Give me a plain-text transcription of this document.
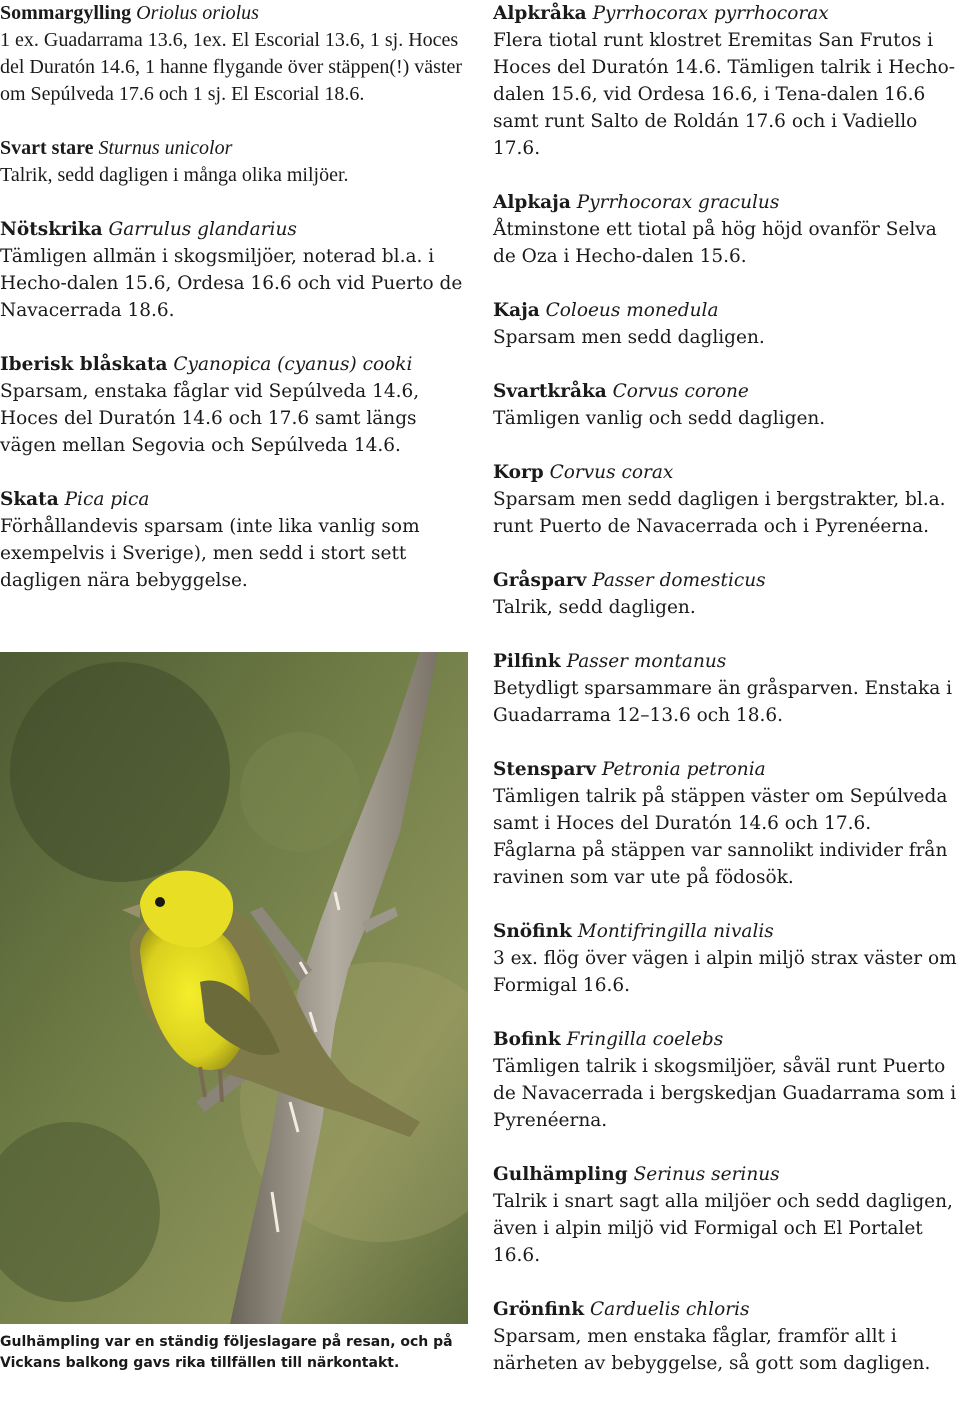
Sommargylling Oriolus oriolus
1 ex. Guadarrama 13.6, 1ex. El Escorial 13.6, 1 sj. Hoces del Duratón 14.6, 1 hanne flygande över stäppen(!) väster om Sepúlveda 17.6 och 1 sj. El Escorial 18.6.
Svart stare Sturnus unicolor
Talrik, sedd dagligen i många olika miljöer.
Nötskrika Garrulus glandarius
Tämligen allmän i skogsmiljöer, noterad bl.a. i Hecho-dalen 15.6, Ordesa 16.6 och vid Puerto de Navacerrada 18.6.
Iberisk blåskata Cyanopica (cyanus) cooki
Sparsam, enstaka fåglar vid Sepúlveda 14.6, Hoces del Duratón 14.6 och 17.6 samt längs vägen mellan Segovia och Sepúlveda 14.6.
Skata Pica pica
Förhållandevis sparsam (inte lika vanlig som exempelvis i Sverige), men sedd i stort sett dagligen nära bebyggelse.
Gulhämpling var en ständig följeslagare på resan, och på Vickans balkong gavs rika tillfällen till närkontakt.
Alpkråka Pyrrhocorax pyrrhocorax
Flera tiotal runt klostret Eremitas San Frutos i Hoces del Duratón 14.6. Tämligen talrik i Hecho-dalen 15.6, vid Ordesa 16.6, i Tena-dalen 16.6 samt runt Salto de Roldán 17.6 och i Vadiello 17.6.
Alpkaja Pyrrhocorax graculus
Åtminstone ett tiotal på hög höjd ovanför Selva de Oza i Hecho-dalen 15.6.
Kaja Coloeus monedula
Sparsam men sedd dagligen.
Svartkråka Corvus corone
Tämligen vanlig och sedd dagligen.
Korp Corvus corax
Sparsam men sedd dagligen i bergstrakter, bl.a. runt Puerto de Navacerrada och i Pyrenéerna.
Gråsparv Passer domesticus
Talrik, sedd dagligen.
Pilfink Passer montanus
Betydligt sparsammare än gråsparven. Enstaka i Guadarrama 12–13.6 och 18.6.
Stensparv Petronia petronia
Tämligen talrik på stäppen väster om Sepúlveda samt i Hoces del Duratón 14.6 och 17.6. Fåglarna på stäppen var sannolikt individer från ravinen som var ute på födosök.
Snöfink Montifringilla nivalis
3 ex. flög över vägen i alpin miljö strax väster om Formigal 16.6.
Bofink Fringilla coelebs
Tämligen talrik i skogsmiljöer, såväl runt Puerto de Navacerrada i bergskedjan Guadarrama som i Pyrenéerna.
Gulhämpling Serinus serinus
Talrik i snart sagt alla miljöer och sedd dagligen, även i alpin miljö vid Formigal och El Portalet 16.6.
Grönfink Carduelis chloris
Sparsam, men enstaka fåglar, framför allt i närheten av bebyggelse, så gott som dagligen.
